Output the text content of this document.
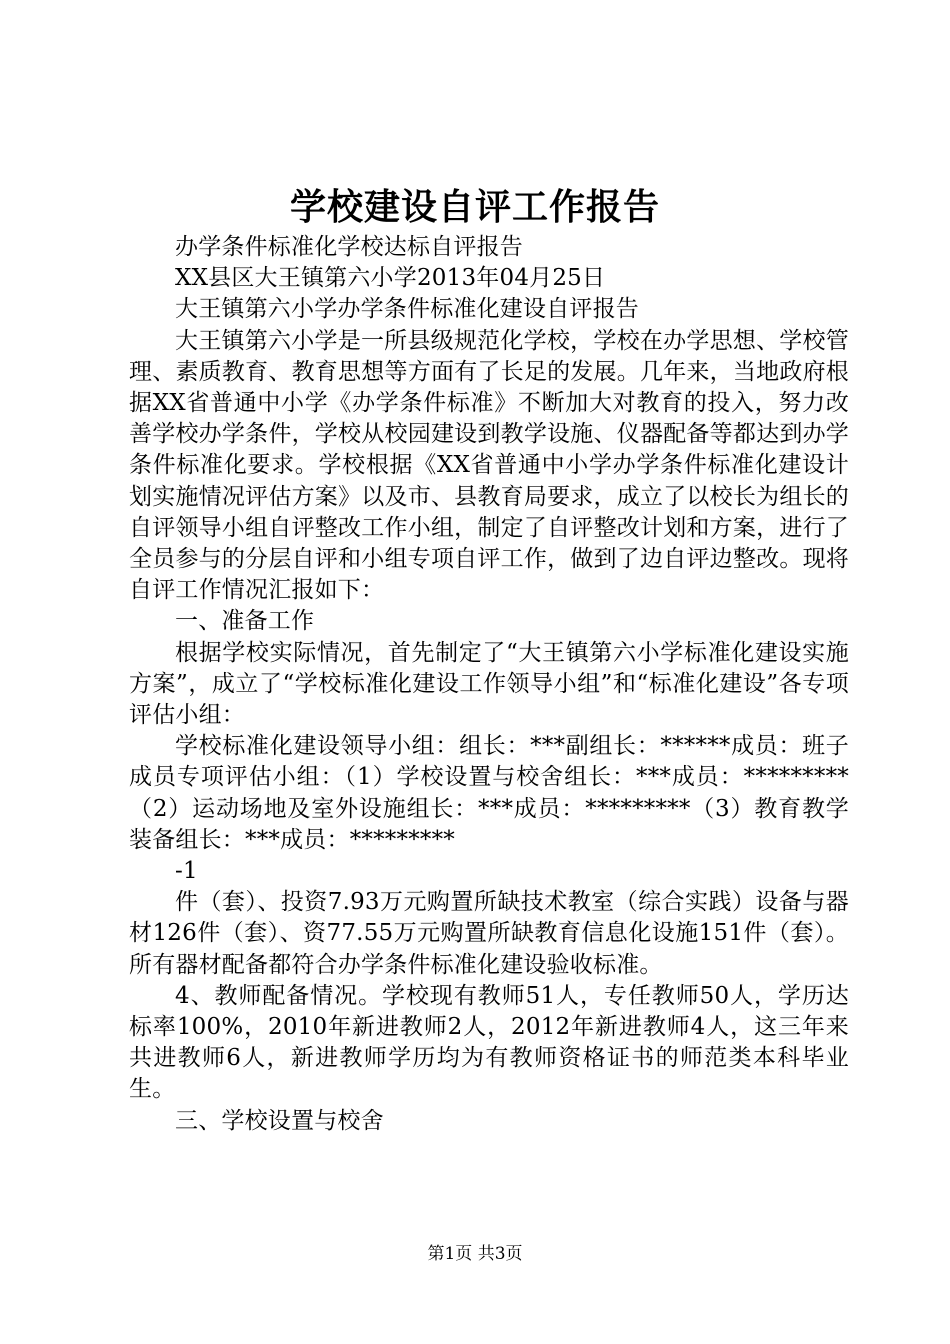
学校建设自评工作报告

办学条件标准化学校达标自评报告

XX县区大王镇第六小学2013年04月25日

大王镇第六小学办学条件标准化建设自评报告

大王镇第六小学是一所县级规范化学校，学校在办学思想、学校管理、素质教育、教育思想等方面有了长足的发展。几年来，当地政府根据XX省普通中小学《办学条件标准》不断加大对教育的投入，努力改善学校办学条件，学校从校园建设到教学设施、仪器配备等都达到办学条件标准化要求。学校根据《XX省普通中小学办学条件标准化建设计划实施情况评估方案》以及市、县教育局要求，成立了以校长为组长的自评领导小组自评整改工作小组，制定了自评整改计划和方案，进行了全员参与的分层自评和小组专项自评工作，做到了边自评边整改。现将自评工作情况汇报如下：

一、准备工作

根据学校实际情况，首先制定了“大王镇第六小学标准化建设实施方案”，成立了“学校标准化建设工作领导小组”和“标准化建设”各专项评估小组：

学校标准化建设领导小组：组长：***副组长：******成员：班子成员专项评估小组：（1）学校设置与校舍组长：***成员：*********（2）运动场地及室外设施组长：***成员：*********（3）教育教学装备组长：***成员：*********

-1

件（套）、投资7.93万元购置所缺技术教室（综合实践）设备与器材126件（套）、资77.55万元购置所缺教育信息化设施151件（套）。所有器材配备都符合办学条件标准化建设验收标准。

4、教师配备情况。学校现有教师51人，专任教师50人，学历达标率100%，2010年新进教师2人，2012年新进教师4人，这三年来共进教师6人，新进教师学历均为有教师资格证书的师范类本科毕业生。

三、学校设置与校舍

第1页 共3页
